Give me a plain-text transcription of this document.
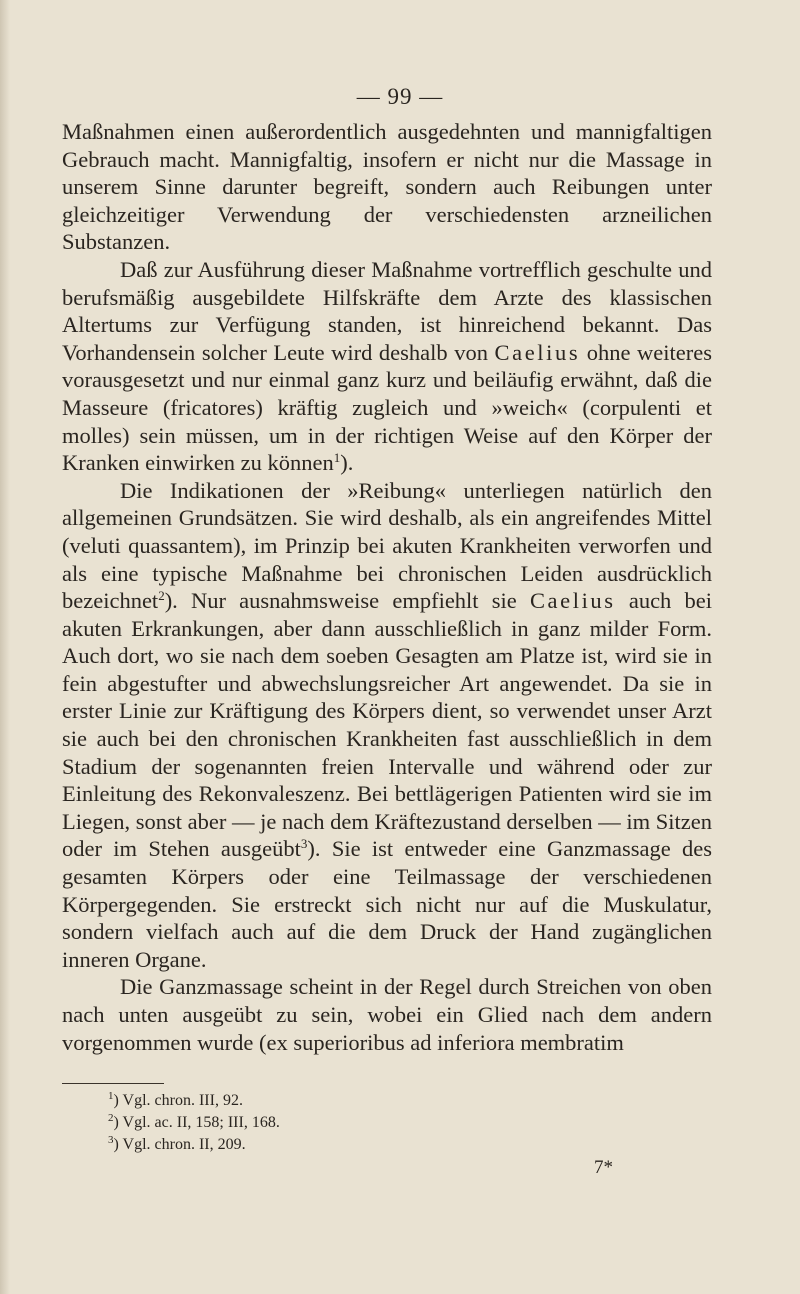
— 99 —

Maßnahmen einen außerordentlich ausgedehnten und mannigfaltigen Gebrauch macht. Mannigfaltig, insofern er nicht nur die Massage in unserem Sinne darunter begreift, sondern auch Reibungen unter gleichzeitiger Verwendung der verschiedensten arzneilichen Substanzen.

Daß zur Ausführung dieser Maßnahme vortrefflich geschulte und berufsmäßig ausgebildete Hilfskräfte dem Arzte des klassischen Altertums zur Verfügung standen, ist hinreichend bekannt. Das Vorhandensein solcher Leute wird deshalb von Caelius ohne weiteres vorausgesetzt und nur einmal ganz kurz und beiläufig erwähnt, daß die Masseure (fricatores) kräftig zugleich und »weich« (corpulenti et molles) sein müssen, um in der richtigen Weise auf den Körper der Kranken einwirken zu können$^1$).

Die Indikationen der »Reibung« unterliegen natürlich den allgemeinen Grundsätzen. Sie wird deshalb, als ein angreifendes Mittel (veluti quassantem), im Prinzip bei akuten Krankheiten verworfen und als eine typische Maßnahme bei chronischen Leiden ausdrücklich bezeichnet$^2$). Nur ausnahmsweise empfiehlt sie Caelius auch bei akuten Erkrankungen, aber dann ausschließlich in ganz milder Form. Auch dort, wo sie nach dem soeben Gesagten am Platze ist, wird sie in fein abgestufter und abwechslungsreicher Art angewendet. Da sie in erster Linie zur Kräftigung des Körpers dient, so verwendet unser Arzt sie auch bei den chronischen Krankheiten fast ausschließlich in dem Stadium der sogenannten freien Intervalle und während oder zur Einleitung des Rekonvaleszenz. Bei bettlägerigen Patienten wird sie im Liegen, sonst aber — je nach dem Kräftezustand derselben — im Sitzen oder im Stehen ausgeübt$^3$). Sie ist entweder eine Ganzmassage des gesamten Körpers oder eine Teilmassage der verschiedenen Körpergegenden. Sie erstreckt sich nicht nur auf die Muskulatur, sondern vielfach auch auf die dem Druck der Hand zugänglichen inneren Organe.

Die Ganzmassage scheint in der Regel durch Streichen von oben nach unten ausgeübt zu sein, wobei ein Glied nach dem andern vorgenommen wurde (ex superioribus ad inferiora membratim

$^1$) Vgl. chron. III, 92.
$^2$) Vgl. ac. II, 158; III, 168.
$^3$) Vgl. chron. II, 209.
7*
